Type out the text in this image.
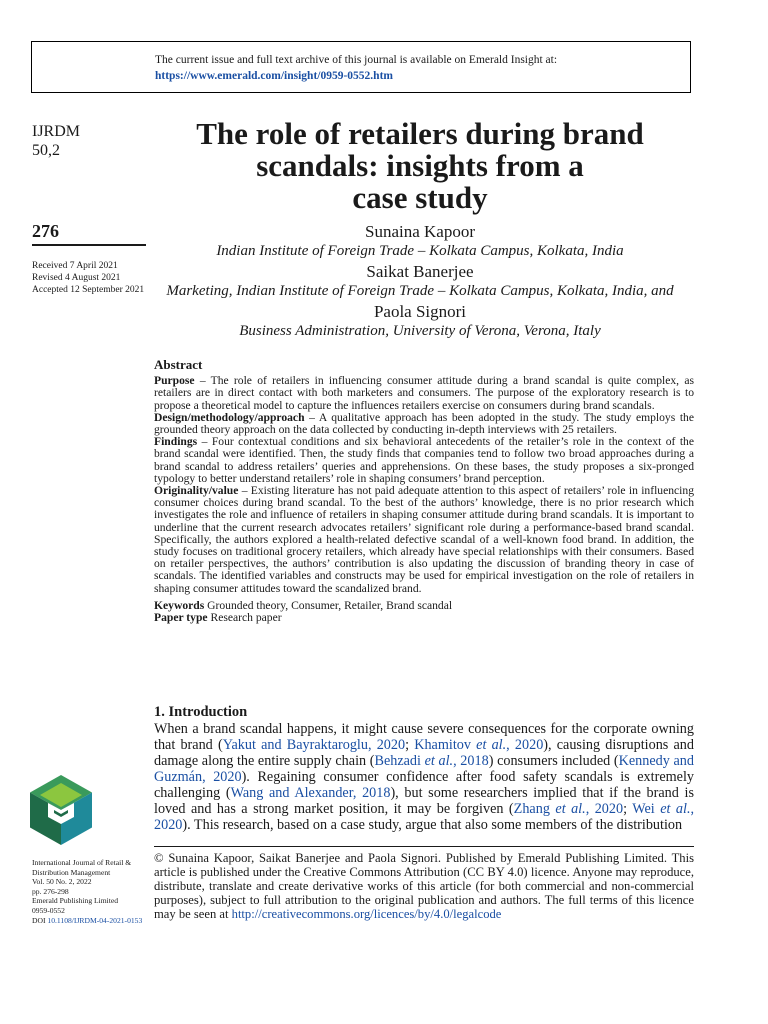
The current issue and full text archive of this journal is available on Emerald Insight at:
https://www.emerald.com/insight/0959-0552.htm
IJRDM
50,2
276
Received 7 April 2021
Revised 4 August 2021
Accepted 12 September 2021
The role of retailers during brand
scandals: insights from a
case study
Sunaina Kapoor
Indian Institute of Foreign Trade – Kolkata Campus, Kolkata, India
Saikat Banerjee
Marketing, Indian Institute of Foreign Trade – Kolkata Campus, Kolkata, India, and
Paola Signori
Business Administration, University of Verona, Verona, Italy
Abstract

Purpose – The role of retailers in influencing consumer attitude during a brand scandal is quite complex, as retailers are in direct contact with both marketers and consumers. The purpose of the exploratory research is to propose a theoretical model to capture the influences retailers exercise on consumers during brand scandals.

Design/methodology/approach – A qualitative approach has been adopted in the study. The study employs the grounded theory approach on the data collected by conducting in-depth interviews with 25 retailers.

Findings – Four contextual conditions and six behavioral antecedents of the retailer’s role in the context of the brand scandal were identified. Then, the study finds that companies tend to follow two broad approaches during a brand scandal to address retailers’ queries and apprehensions. On these bases, the study proposes a six-pronged typology to better understand retailers’ role in shaping consumers’ brand perception.

Originality/value – Existing literature has not paid adequate attention to this aspect of retailers’ role in influencing consumer choices during brand scandal. To the best of the authors’ knowledge, there is no prior research which investigates the role and influence of retailers in shaping consumer attitude during brand scandals. It is important to underline that the current research advocates retailers’ significant role during a performance-based brand scandal. Specifically, the authors explored a health-related defective scandal of a well-known food brand. In addition, the study focuses on traditional grocery retailers, which already have special relationships with their consumers. Based on retailer perspectives, the authors’ contribution is also updating the discussion of branding theory in case of scandals. The identified variables and constructs may be used for empirical investigation on the role of retailers in shaping consumer attitudes toward the scandalized brand.

Keywords Grounded theory, Consumer, Retailer, Brand scandal

Paper type Research paper

1. Introduction
When a brand scandal happens, it might cause severe consequences for the corporate owning that brand (Yakut and Bayraktaroglu, 2020; Khamitov et al., 2020), causing disruptions and damage along the entire supply chain (Behzadi et al., 2018) consumers included (Kennedy and Guzmán, 2020). Regaining consumer confidence after food safety scandals is extremely challenging (Wang and Alexander, 2018), but some researchers implied that if the brand is loved and has a strong market position, it may be forgiven (Zhang et al., 2020; Wei et al., 2020). This research, based on a case study, argue that also some members of the distribution
International Journal of Retail &
Distribution Management
Vol. 50 No. 2, 2022
pp. 276-298
Emerald Publishing Limited
0959-0552
DOI 10.1108/IJRDM-04-2021-0153
© Sunaina Kapoor, Saikat Banerjee and Paola Signori. Published by Emerald Publishing Limited. This article is published under the Creative Commons Attribution (CC BY 4.0) licence. Anyone may reproduce, distribute, translate and create derivative works of this article (for both commercial and non-commercial purposes), subject to full attribution to the original publication and authors. The full terms of this licence may be seen at http://creativecommons.org/licences/by/4.0/legalcode
